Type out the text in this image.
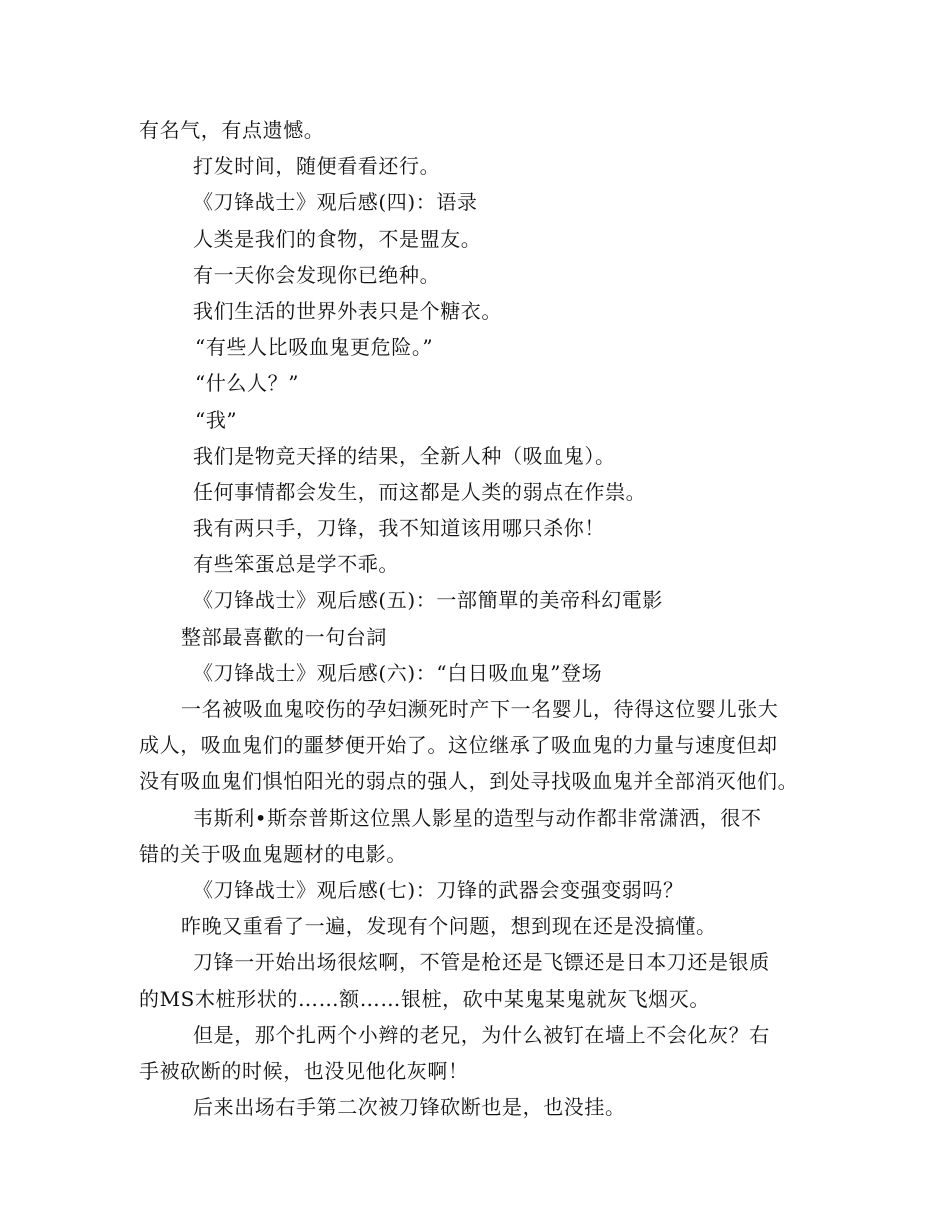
有名气，有点遗憾。
打发时间，随便看看还行。
《刀锋战士》观后感(四)：语录
人类是我们的食物，不是盟友。
有一天你会发现你已绝种。
我们生活的世界外表只是个糖衣。
“有些人比吸血鬼更危险。”
“什么人？”
“我”
我们是物竞天择的结果，全新人种（吸血鬼）。
任何事情都会发生，而这都是人类的弱点在作祟。
我有两只手，刀锋，我不知道该用哪只杀你！
有些笨蛋总是学不乖。
《刀锋战士》观后感(五)：一部簡單的美帝科幻電影
整部最喜歡的一句台詞
《刀锋战士》观后感(六)：“白日吸血鬼”登场
一名被吸血鬼咬伤的孕妇濒死时产下一名婴儿，待得这位婴儿张大
成人，吸血鬼们的噩梦便开始了。这位继承了吸血鬼的力量与速度但却
没有吸血鬼们惧怕阳光的弱点的强人，到处寻找吸血鬼并全部消灭他们。
韦斯利•斯奈普斯这位黑人影星的造型与动作都非常潇洒，很不
错的关于吸血鬼题材的电影。
《刀锋战士》观后感(七)：刀锋的武器会变强变弱吗？
昨晚又重看了一遍，发现有个问题，想到现在还是没搞懂。
刀锋一开始出场很炫啊，不管是枪还是飞镖还是日本刀还是银质
的MS木桩形状的……额……银桩，砍中某鬼某鬼就灰飞烟灭。
但是，那个扎两个小辫的老兄，为什么被钉在墙上不会化灰？右
手被砍断的时候，也没见他化灰啊！
后来出场右手第二次被刀锋砍断也是，也没挂。
